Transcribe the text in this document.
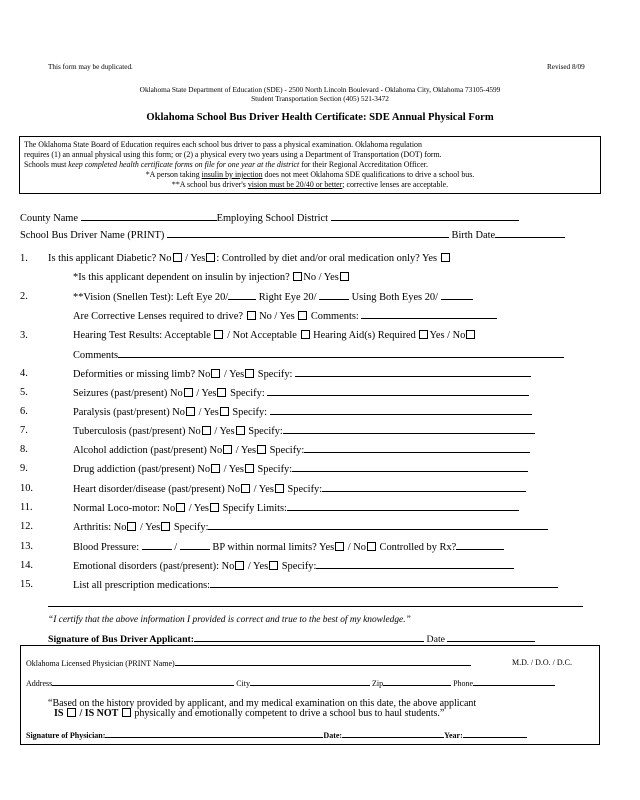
This form may be duplicated.	Revised 8/09
Oklahoma State Department of Education (SDE) - 2500 North Lincoln Boulevard - Oklahoma City, Oklahoma 73105-4599
Student Transportation Section (405) 521-3472
Oklahoma School Bus Driver Health Certificate: SDE Annual Physical Form
The Oklahoma State Board of Education requires each school bus driver to pass a physical examination. Oklahoma regulation
requires (1) an annual physical using this form; or (2) a physical every two years using a Department of Transportation (DOT) form.
Schools must keep completed health certificate forms on file for one year at the district for their Regional Accreditation Officer.
*A person taking insulin by injection does not meet Oklahoma SDE qualifications to drive a school bus.
**A school bus driver's vision must be 20/40 or better; corrective lenses are acceptable.
County Name	Employing School District
School Bus Driver Name (PRINT)	Birth Date
1. Is this applicant Diabetic? No / Yes : Controlled by diet and/or oral medication only? Yes
*Is this applicant dependent on insulin by injection? No / Yes
2.	**Vision (Snellen Test): Left Eye 20/	Right Eye 20/	Using Both Eyes 20/
Are Corrective Lenses required to drive?  No / Yes  Comments:
3.	Hearing Test Results: Acceptable  / Not Acceptable  Hearing Aid(s) Required Yes / No
Comments
4.	Deformities or missing limb? No / Yes Specify:
5.	Seizures (past/present) No / Yes Specify:
6.	Paralysis (past/present) No / Yes Specify:
7.	Tuberculosis (past/present) No / Yes Specify:
8.	Alcohol addiction (past/present) No / Yes Specify:
9.	Drug addiction (past/present) No / Yes Specify:
10.	Heart disorder/disease (past/present) No / Yes Specify:
11.	Normal Loco-motor: No / Yes Specify Limits:
12.	Arthritis: No / Yes Specify:
13.	Blood Pressure:	/	BP within normal limits? Yes / No Controlled by Rx?
14.	Emotional disorders (past/present): No / Yes Specify:
15.	List all prescription medications:
“I certify that the above information I provided is correct and true to the best of my knowledge.”
Signature of Bus Driver Applicant:	Date
Oklahoma Licensed Physician (PRINT Name)	M.D. / D.O. / D.C.
Address	City	Zip	Phone
“Based on the history provided by applicant, and my medical examination on this date, the above applicant
IS / IS NOT  physically and emotionally competent to drive a school bus to haul students.”
Signature of Physician:	Date:	Year:
